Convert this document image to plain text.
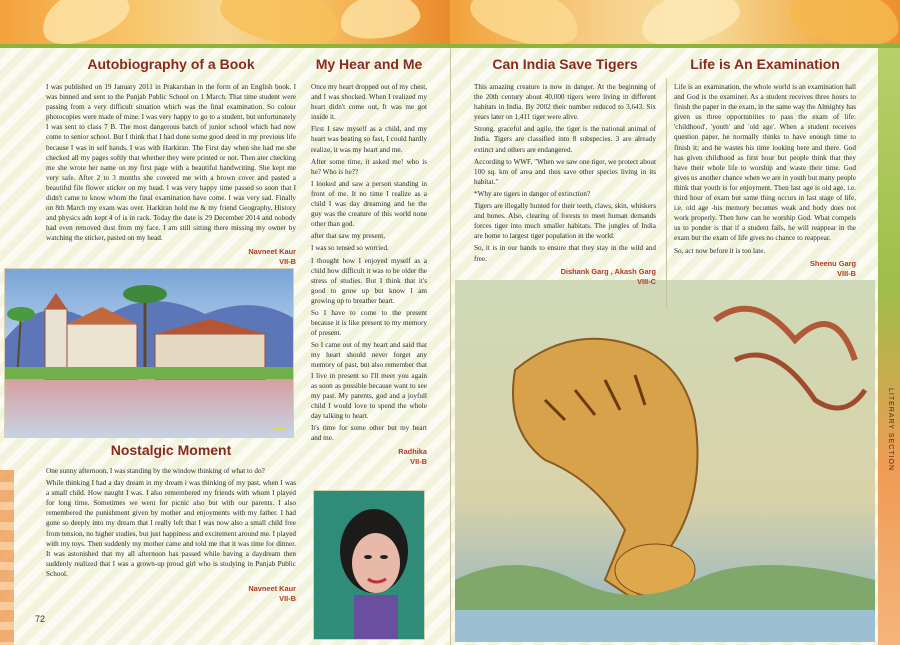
LITERARY SECTION
Autobiography of a Book

I was published on 19 January 2011 in Prakarshan in the form of an English book. I was binned and sent to the Punjab Public School on 1 March. That time student were passing from a very difficult situation which was the final examination. So colour photocopies were made of mine. I was very happy to go to a student, but unfortunately I was sent to class 7 B. The most dangerous batch of junior school which had now come to senior school. But I think that I had done some good deed in my previous life because I was in self hands. I was with Harkiran. The First day when she had me she checked all my pages softly that whether they were printed or not. Then ater checking me she wrote her name on my first page with a beautiful handwriting. She kept me very safe. After 2 to 3 months she covered me with a brown cover and pasted a beautiful file flower sticker on my head. I was very happy time passed so soon that I didn't came to know whom the final examination have come. I was very sad. Finally on 8th March my exam was over. Harkiran hold me & my friend Geography, History and physics adn kept 4 of is in rack. Today the date is 29 December 2014 and nobody had even removed dust from my face. I am still sitting there missing my owner by watching the sticker, pasted on my head.

Navneet Kaur
VII-B
Nostalgic Moment

One sunny afternoon, I was standing by the window thinking of what to do?

While thinking I had a day dream in my dream i was thinking of my past, when I was a small child. How naught I was. I also remembered my friends with whom I played for long time. Sometimes we went for picnic also but with our parents. I also remembered the punishment given by mother and enjoyments with my father. I had gone so deeply into my dream that I really left that I was now also a small child free from tension, no higher studies, but just happiness and excitement around me. I played with my toys. Then suddenly my mother came and told me that it was time for dinner. It was astonished that my all afternoon has passed while having a daydream then suddenly realized that I was a grown-up proud girl who is studying in Punjab Public School.

Navneet Kaur
VII-B
My Hear and Me

Once my heart dropped out of my chest, and I was shocked. When I realized my heart didn't come out, It was me got inside it.

First I saw myself as a child, and my heart was beating so fast, I could hardly realize, it was my heart and me.

After some time, it asked me! who is he? Who is he??

I looked and saw a person standing in front of me. It no time I realize as a child I was day dreaming and he the guy was the creature of this world none other than god.

after that saw my present,

I was so tensed so worried.

I thought how I enjoyed myself as a child how difficult it was to be older the stress of studies. But I think that it's good to grow up but know I am growing up to breather heart.

So I have to come to the present because it is like present to my memory of present.

So I came out of my heart and said that my heart should never forget any memory of past, but also remember that I live in present so I'll meet you again as soon as possible because want to see my past. My parents, god and a joyfull child I would love to spend the whole day talking to heart.

It's time for some other but my heart and me.

Radhika
VII-B
Can India Save Tigers

This amazing creature is now in danger. At the beginning of the 20th century about 40,000 tigers were living in different habitats in India. By 2002 their number reduced to 3,643. Six years later on 1,411 tiger were alive.

Strong, graceful and agile, the tiger is the national animal of India. Tigers are classified into 8 subspecies. 3 are already extinct and others are endangered.

According to WWF, "When we saw one tiger, we protect about 100 sq. km of area and thus save other species living in its habitat."

*Why are tigers in danger of extinction?

Tigers are illegally hunted for their teeth, claws, skin, whiskers and bones. Also, clearing of forests to meet human demands forces tiger into much smaller habitats. The jungles of India are home to largest tiger population in the world.

So, it is in our hands to ensure that they stay in the wild and free.

Dishank Garg , Akash Garg
VIII-C
Life is An Examination

Life is an examination, the whole world is an examination hall and God is the examiner. As a student receives three hours to finish the paper in the exam, in the same way the Almighty has given us three opportunities to pass the exam of life: 'childhood', 'youth' and 'old age'. When a student receives question paper, he normally thinks to have enough time to finish it; and he wastes his time looking here and there. God has given childhood as first hour but people think that they have their whole life to worship and waste their time. God gives us another chance when we are in youth but many people think that youth is for enjoyment. Then last age is old age, i.e. third hour of exam but same thing occurs in last stage of life, i.e. old age -his memory becomes weak and body does not work properly. Then how can he worship God. What compels us to ponder is that if a student fails, he will reappear in the exam but the exam of life gives no chance to reappear.

So, act now before it is too late.

Sheenu Garg
VIII-B
72
